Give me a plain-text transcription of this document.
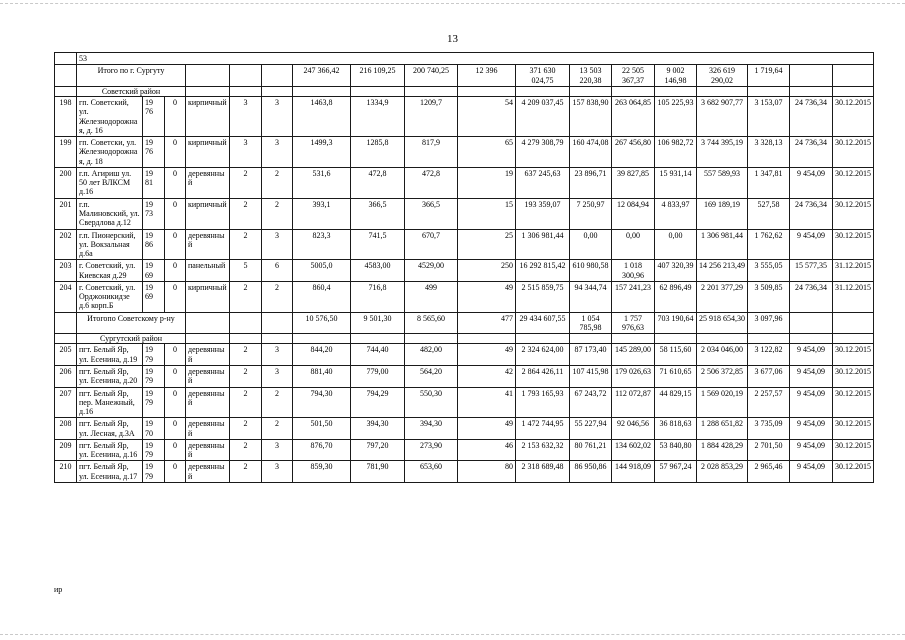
13
	53																	
	Итого по г. Сургуту						247 366,42	216 109,25	200 740,25	12 396	371 630 024,75	13 503 220,38	22 505 367,37	9 002 146,98	326 619 290,02	1 719,64		
	Советский район																	
198	гп. Советский, ул. Железнодорожная, д. 16	19 76	0	кирпичный	3	3	1463,8	1334,9	1209,7	54	4 209 037,45	157 838,90	263 064,85	105 225,93	3 682 907,77	3 153,07	24 736,34	30.12.2015
199	гп. Советски, ул. Железнодорожная, д. 18	19 76	0	кирпичный	3	3	1499,3	1285,8	817,9	65	4 279 308,79	160 474,08	267 456,80	106 982,72	3 744 395,19	3 328,13	24 736,34	30.12.2015
200	г.п. Агириш ул. 50 лет ВЛКСМ д.16	19 81	0	деревянный	2	2	531,6	472,8	472,8	19	637 245,63	23 896,71	39 827,85	15 931,14	557 589,93	1 347,81	9 454,09	30.12.2015
201	г.п. Малиновский, ул. Свердлова д.12	19 73	0	кирпичный	2	2	393,1	366,5	366,5	15	193 359,07	7 250,97	12 084,94	4 833,97	169 189,19	527,58	24 736,34	30.12.2015
202	г.п. Пионерский, ул. Вокзальная д.6а	19 86	0	деревянный	2	3	823,3	741,5	670,7	25	1 306 981,44	0,00	0,00	0,00	1 306 981,44	1 762,62	9 454,09	30.12.2015
203	г. Советский, ул. Киевская д.29	19 69	0	панельный	5	6	5005,0	4583,00	4529,00	250	16 292 815,42	610 980,58	1 018 300,96	407 320,39	14 256 213,49	3 555,05	15 577,35	31.12.2015
204	г. Советский, ул. Орджоникидзе д.6 корп.Б	19 69	0	кирпичный	2	2	860,4	716,8	499	49	2 515 859,75	94 344,74	157 241,23	62 896,49	2 201 377,29	3 509,85	24 736,34	31.12.2015
	Итогопо Советскому р-ну						10 576,50	9 501,30	8 565,60	477	29 434 607,55	1 054 785,98	1 757 976,63	703 190,64	25 918 654,30	3 097,96		
	Сургутский район																	
205	пгт. Белый Яр, ул. Есенина, д.19	19 79	0	деревянный	2	3	844,20	744,40	482,00	49	2 324 624,00	87 173,40	145 289,00	58 115,60	2 034 046,00	3 122,82	9 454,09	30.12.2015
206	пгт. Белый Яр, ул. Есенина, д.20	19 79	0	деревянный	2	3	881,40	779,00	564,20	42	2 864 426,11	107 415,98	179 026,63	71 610,65	2 506 372,85	3 677,06	9 454,09	30.12.2015
207	пгт. Белый Яр, пер. Манежный, д.16	19 79	0	деревянный	2	2	794,30	794,29	550,30	41	1 793 165,93	67 243,72	112 072,87	44 829,15	1 569 020,19	2 257,57	9 454,09	30.12.2015
208	пгт. Белый Яр, ул. Лесная, д.3А	19 70	0	деревянный	2	2	501,50	394,30	394,30	49	1 472 744,95	55 227,94	92 046,56	36 818,63	1 288 651,82	3 735,09	9 454,09	30.12.2015
209	пгт. Белый Яр, ул. Есенина, д.16	19 79	0	деревянный	2	3	876,70	797,20	273,90	46	2 153 632,32	80 761,21	134 602,02	53 840,80	1 884 428,29	2 701,50	9 454,09	30.12.2015
210	пгт. Белый Яр, ул. Есенина, д.17	19 79	0	деревянный	2	3	859,30	781,90	653,60	80	2 318 689,48	86 950,86	144 918,09	57 967,24	2 028 853,29	2 965,46	9 454,09	30.12.2015
ир
